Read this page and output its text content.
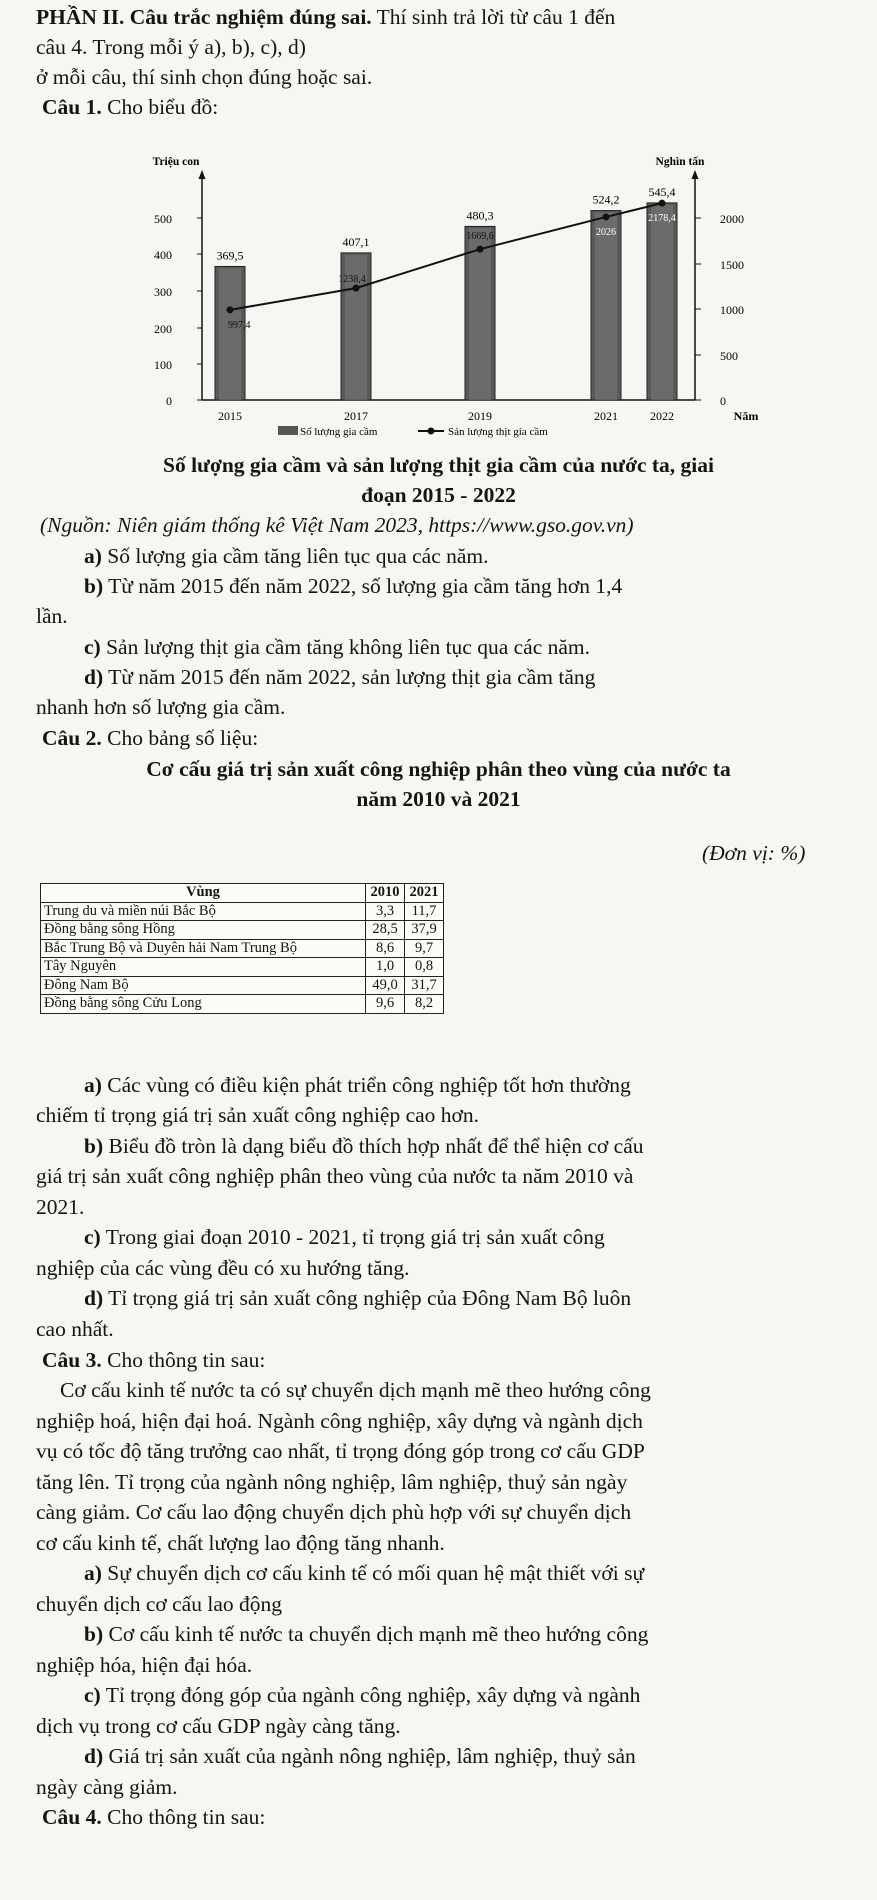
PHẦN II. Câu trắc nghiệm đúng sai. Thí sinh trả lời từ câu 1 đến
câu 4. Trong mỗi ý a), b), c), d)
ở mỗi câu, thí sinh chọn đúng hoặc sai.
Câu 1. Cho biểu đồ:
Triệu con	Nghìn tấn
0
100
200
300
400
500
0
500
1000
1500
2000
369,5
407,1
480,3
524,2
545,4
997,4
1238,4
1669,6	2026
2178,4
2015	2017	2019	2021	2022	Năm
Số lượng gia cầm	Sản lượng thịt gia cầm
Số lượng gia cầm và sản lượng thịt gia cầm của nước ta, giai
đoạn 2015 - 2022
(Nguồn: Niên giám thống kê Việt Nam 2023, https://www.gso.gov.vn)
a) Số lượng gia cầm tăng liên tục qua các năm.
b) Từ năm 2015 đến năm 2022, số lượng gia cầm tăng hơn 1,4
lần.
c) Sản lượng thịt gia cầm tăng không liên tục qua các năm.
d) Từ năm 2015 đến năm 2022, sản lượng thịt gia cầm tăng
nhanh hơn số lượng gia cầm.
Câu 2. Cho bảng số liệu:
Cơ cấu giá trị sản xuất công nghiệp phân theo vùng của nước ta
năm 2010 và 2021
(Đơn vị: %)
Vùng	2010	2021
Trung du và miền núi Bắc Bộ	3,3	11,7
Đồng bằng sông Hồng	28,5	37,9
Bắc Trung Bộ và Duyên hải Nam Trung Bộ	8,6	9,7
Tây Nguyên	1,0	0,8
Đông Nam Bộ	49,0	31,7
Đồng bằng sông Cửu Long	9,6	8,2
a) Các vùng có điều kiện phát triển công nghiệp tốt hơn thường
chiếm tỉ trọng giá trị sản xuất công nghiệp cao hơn.
b) Biểu đồ tròn là dạng biểu đồ thích hợp nhất để thể hiện cơ cấu
giá trị sản xuất công nghiệp phân theo vùng của nước ta năm 2010 và
2021.
c) Trong giai đoạn 2010 - 2021, tỉ trọng giá trị sản xuất công
nghiệp của các vùng đều có xu hướng tăng.
d) Tỉ trọng giá trị sản xuất công nghiệp của Đông Nam Bộ luôn
cao nhất.
Câu 3. Cho thông tin sau:
Cơ cấu kinh tế nước ta có sự chuyển dịch mạnh mẽ theo hướng công
nghiệp hoá, hiện đại hoá. Ngành công nghiệp, xây dựng và ngành dịch
vụ có tốc độ tăng trưởng cao nhất, tỉ trọng đóng góp trong cơ cấu GDP
tăng lên. Tỉ trọng của ngành nông nghiệp, lâm nghiệp, thuỷ sản ngày
càng giảm. Cơ cấu lao động chuyển dịch phù hợp với sự chuyển dịch
cơ cấu kinh tế, chất lượng lao động tăng nhanh.
a) Sự chuyển dịch cơ cấu kinh tế có mối quan hệ mật thiết với sự
chuyển dịch cơ cấu lao động
b) Cơ cấu kinh tế nước ta chuyển dịch mạnh mẽ theo hướng công
nghiệp hóa, hiện đại hóa.
c) Tỉ trọng đóng góp của ngành công nghiệp, xây dựng và ngành
dịch vụ trong cơ cấu GDP ngày càng tăng.
d) Giá trị sản xuất của ngành nông nghiệp, lâm nghiệp, thuỷ sản
ngày càng giảm.
Câu 4. Cho thông tin sau:
